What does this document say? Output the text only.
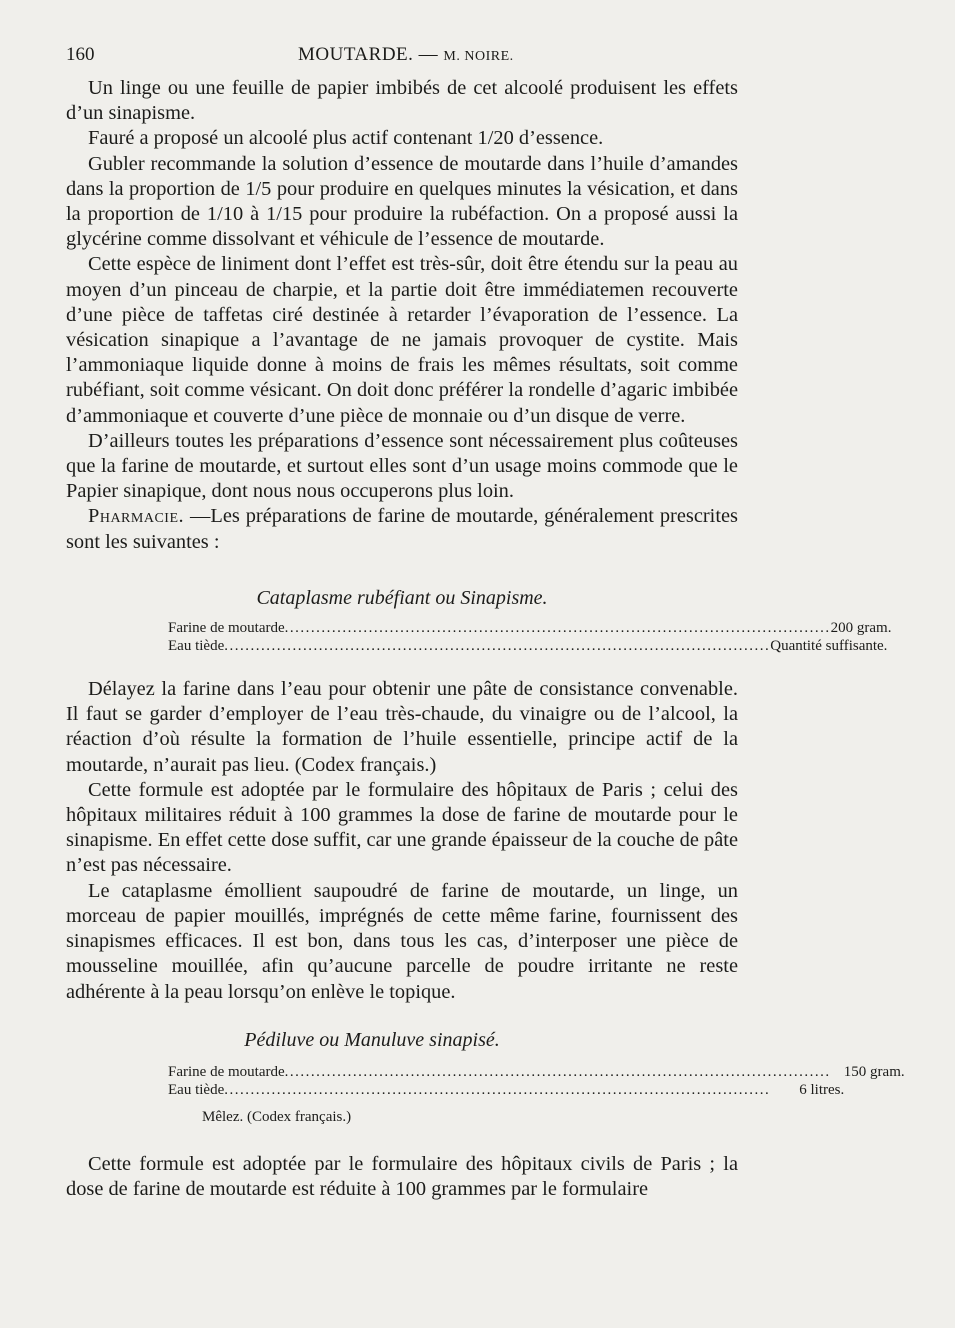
160	MOUTARDE. — M. NOIRE.

Un linge ou une feuille de papier imbibés de cet alcoolé produisent les effets d’un sinapisme.

Fauré a proposé un alcoolé plus actif contenant 1/20 d’essence.

Gubler recommande la solution d’essence de moutarde dans l’huile d’amandes dans la proportion de 1/5 pour produire en quelques minutes la vésication, et dans la proportion de 1/10 à 1/15 pour produire la rubéfaction. On a proposé aussi la glycérine comme dissolvant et véhicule de l’essence de moutarde.

Cette espèce de liniment dont l’effet est très-sûr, doit être étendu sur la peau au moyen d’un pinceau de charpie, et la partie doit être immédiatemen recouverte d’une pièce de taffetas ciré destinée à retarder l’évaporation de l’essence. La vésication sinapique a l’avantage de ne jamais provoquer de cystite. Mais l’ammoniaque liquide donne à moins de frais les mêmes résultats, soit comme rubéfiant, soit comme vésicant. On doit donc préférer la rondelle d’agaric imbibée d’ammoniaque et couverte d’une pièce de monnaie ou d’un disque de verre.

D’ailleurs toutes les préparations d’essence sont nécessairement plus coûteuses que la farine de moutarde, et surtout elles sont d’un usage moins commode que le Papier sinapique, dont nous nous occuperons plus loin.

Pharmacie. —Les préparations de farine de moutarde, généralement prescrites sont les suivantes :

Cataplasme rubéfiant ou Sinapisme.
Farine de moutarde ........................................................................................................ 200 gram.
Eau tiède ........................................................................................................ Quantité suffisante.

Délayez la farine dans l’eau pour obtenir une pâte de consistance convenable. Il faut se garder d’employer de l’eau très-chaude, du vinaigre ou de l’alcool, la réaction d’où résulte la formation de l’huile essentielle, principe actif de la moutarde, n’aurait pas lieu. (Codex français.)

Cette formule est adoptée par le formulaire des hôpitaux de Paris ; celui des hôpitaux militaires réduit à 100 grammes la dose de farine de moutarde pour le sinapisme. En effet cette dose suffit, car une grande épaisseur de la couche de pâte n’est pas nécessaire.

Le cataplasme émollient saupoudré de farine de moutarde, un linge, un morceau de papier mouillés, imprégnés de cette même farine, fournissent des sinapismes efficaces. Il est bon, dans tous les cas, d’interposer une pièce de mousseline mouillée, afin qu’aucune parcelle de poudre irritante ne reste adhérente à la peau lorsqu’on enlève le topique.

Pédiluve ou Manuluve sinapisé.
Farine de moutarde ........................................................................................................ 150 gram.
Eau tiède ........................................................................................................	6 litres.
Mêlez. (Codex français.)

Cette formule est adoptée par le formulaire des hôpitaux civils de Paris ; la dose de farine de moutarde est réduite à 100 grammes par le formulaire
